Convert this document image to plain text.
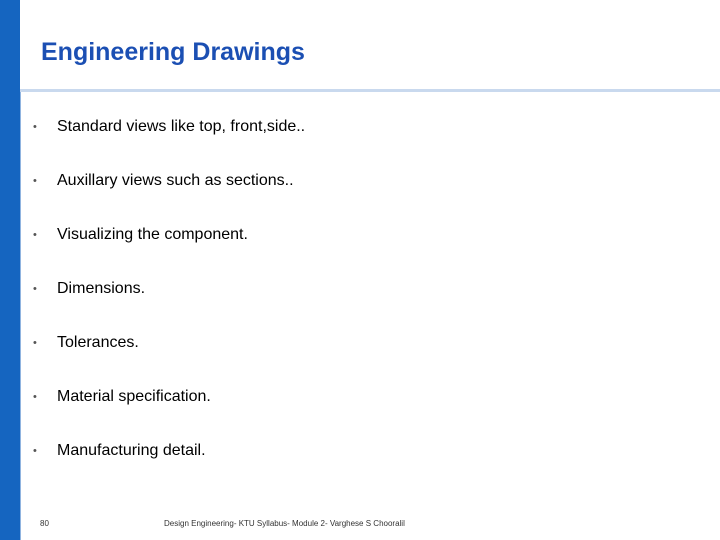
Engineering Drawings
•	Standard views like top, front,side..
•	Auxillary views such as sections..
•	Visualizing the component.
•	Dimensions.
•	Tolerances.
•	Material specification.
•	Manufacturing detail.
80	Design Engineering- KTU Syllabus- Module 2- Varghese S Chooralil
